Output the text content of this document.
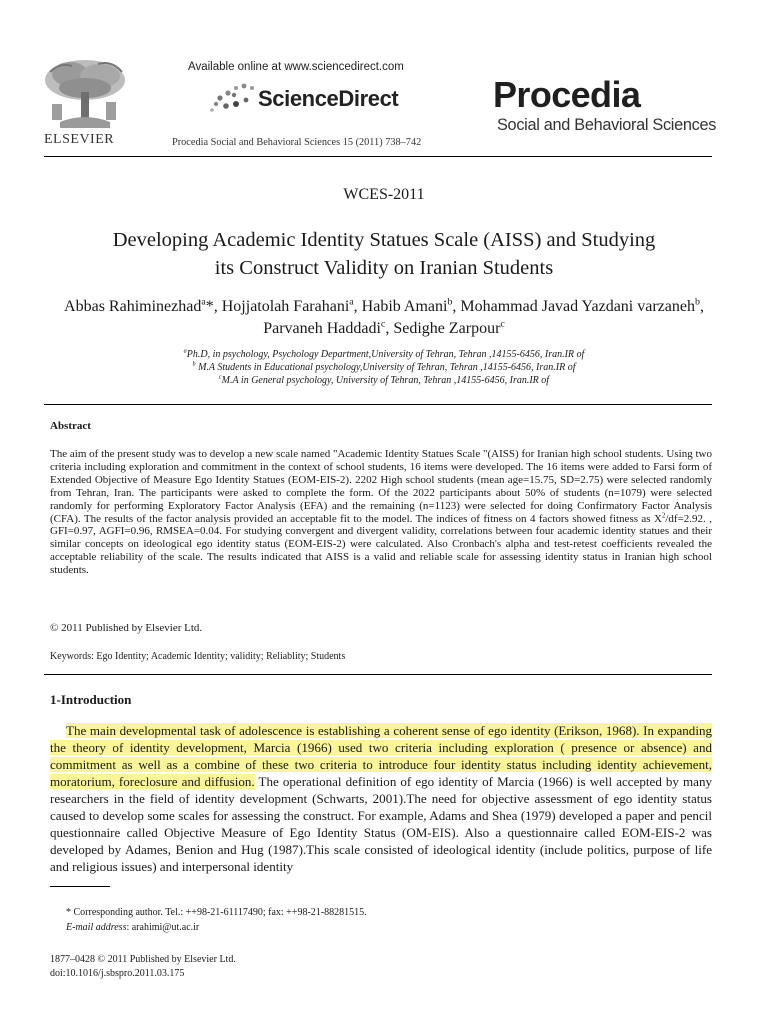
ELSEVIER
Available online at www.sciencedirect.com
ScienceDirect
Procedia Social and Behavioral Sciences 15 (2011) 738–742
Procedia
Social and Behavioral Sciences
WCES-2011
Developing Academic Identity Statues Scale (AISS) and Studying
its Construct Validity on Iranian Students
Abbas Rahiminezhad$^a$*, Hojjatolah Farahani$^a$, Habib Amani$^b$, Mohammad Javad Yazdani varzaneh$^b$, Parvaneh Haddadi$^c$, Sedighe Zarpour$^c$
$^a$Ph.D, in psychology, Psychology Department,University of Tehran, Tehran ,14155-6456, Iran.IR of
$^b$ M.A Students in Educational psychology,University of Tehran, Tehran ,14155-6456, Iran.IR of
$^c$M.A in General psychology, University of Tehran, Tehran ,14155-6456, Iran.IR of
Abstract
The aim of the present study was to develop a new scale named "Academic Identity Statues Scale "(AISS) for Iranian high school students. Using two criteria including exploration and commitment in the context of school students, 16 items were developed. The 16 items were added to Farsi form of Extended Objective of Measure Ego Identity Statues (EOM-EIS-2). 2202 High school students (mean age=15.75, SD=2.75) were selected randomly from Tehran, Iran. The participants were asked to complete the form. Of the 2022 participants about 50% of students (n=1079) were selected randomly for performing Exploratory Factor Analysis (EFA) and the remaining (n=1123) were selected for doing Confirmatory Factor Analysis (CFA). The results of the factor analysis provided an acceptable fit to the model. The indices of fitness on 4 factors showed fitness as $X^2/df=2.92$. , GFI=0.97, AGFI=0.96, RMSEA=0.04. For studying convergent and divergent validity, correlations between four academic identity statues and their similar concepts on ideological ego identity status (EOM-EIS-2) were calculated. Also Cronbach's alpha and test-retest coefficients revealed the acceptable reliability of the scale. The results indicated that AISS is a valid and reliable scale for assessing identity status in Iranian high school students.
© 2011 Published by Elsevier Ltd.
Keywords: Ego Identity; Academic Identity; validity; Reliablity; Students
1-Introduction
The main developmental task of adolescence is establishing a coherent sense of ego identity (Erikson, 1968). In expanding the theory of identity development, Marcia (1966) used two criteria including exploration ( presence or absence) and commitment as well as a combine of these two criteria to introduce four identity status including identity achievement, moratorium, foreclosure and diffusion. The operational definition of ego identity of Marcia (1966) is well accepted by many researchers in the field of identity development (Schwarts, 2001).The need for objective assessment of ego identity status caused to develop some scales for assessing the construct. For example, Adams and Shea (1979) developed a paper and pencil questionnaire called Objective Measure of Ego Identity Status (OM-EIS). Also a questionnaire called EOM-EIS-2 was developed by Adames, Benion and Hug (1987).This scale consisted of ideological identity (include politics, purpose of life and religious issues) and interpersonal identity
* Corresponding author. Tel.: ++98-21-61117490; fax: ++98-21-88281515.
E-mail address: arahimi@ut.ac.ir
1877–0428 © 2011 Published by Elsevier Ltd.
doi:10.1016/j.sbspro.2011.03.175
